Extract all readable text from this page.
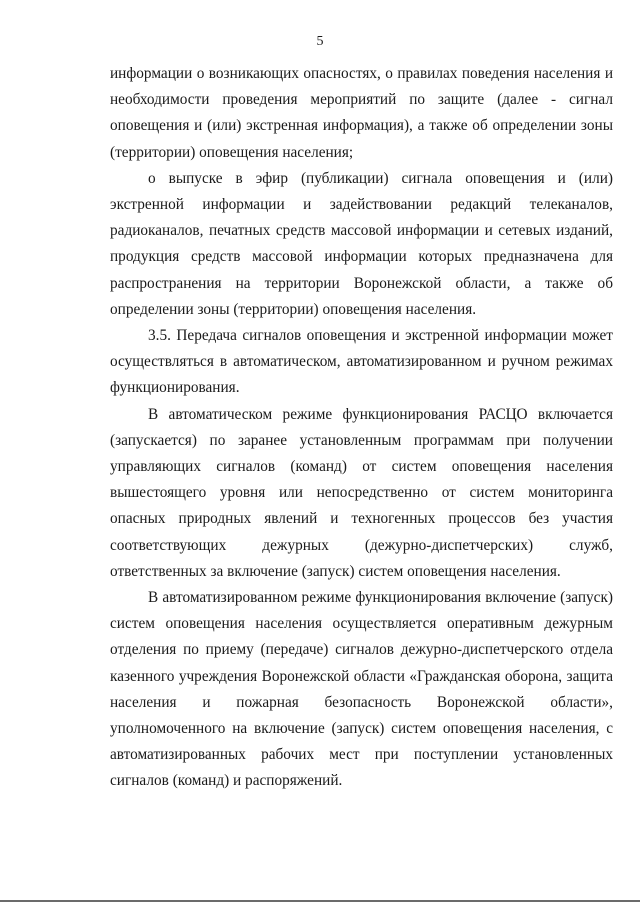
5

информации о возникающих опасностях, о правилах поведения населения и необходимости проведения мероприятий по защите (далее - сигнал оповещения и (или) экстренная информация), а также об определении зоны (территории) оповещения населения;

о выпуске в эфир (публикации) сигнала оповещения и (или) экстренной информации и задействовании редакций телеканалов, радиоканалов, печатных средств массовой информации и сетевых изданий, продукция средств массовой информации которых предназначена для распространения на территории Воронежской области, а также об определении зоны (территории) оповещения населения.

3.5. Передача сигналов оповещения и экстренной информации может осуществляться в автоматическом, автоматизированном и ручном режимах функционирования.

В автоматическом режиме функционирования РАСЦО включается (запускается) по заранее установленным программам при получении управляющих сигналов (команд) от систем оповещения населения вышестоящего уровня или непосредственно от систем мониторинга опасных природных явлений и техногенных процессов без участия соответствующих дежурных (дежурно-диспетчерских) служб, ответственных за включение (запуск) систем оповещения населения.

В автоматизированном режиме функционирования включение (запуск) систем оповещения населения осуществляется оперативным дежурным отделения по приему (передаче) сигналов дежурно-диспетчерского отдела казенного учреждения Воронежской области «Гражданская оборона, защита населения и пожарная безопасность Воронежской области», уполномоченного на включение (запуск) систем оповещения населения, с автоматизированных рабочих мест при поступлении установленных сигналов (команд) и распоряжений.
